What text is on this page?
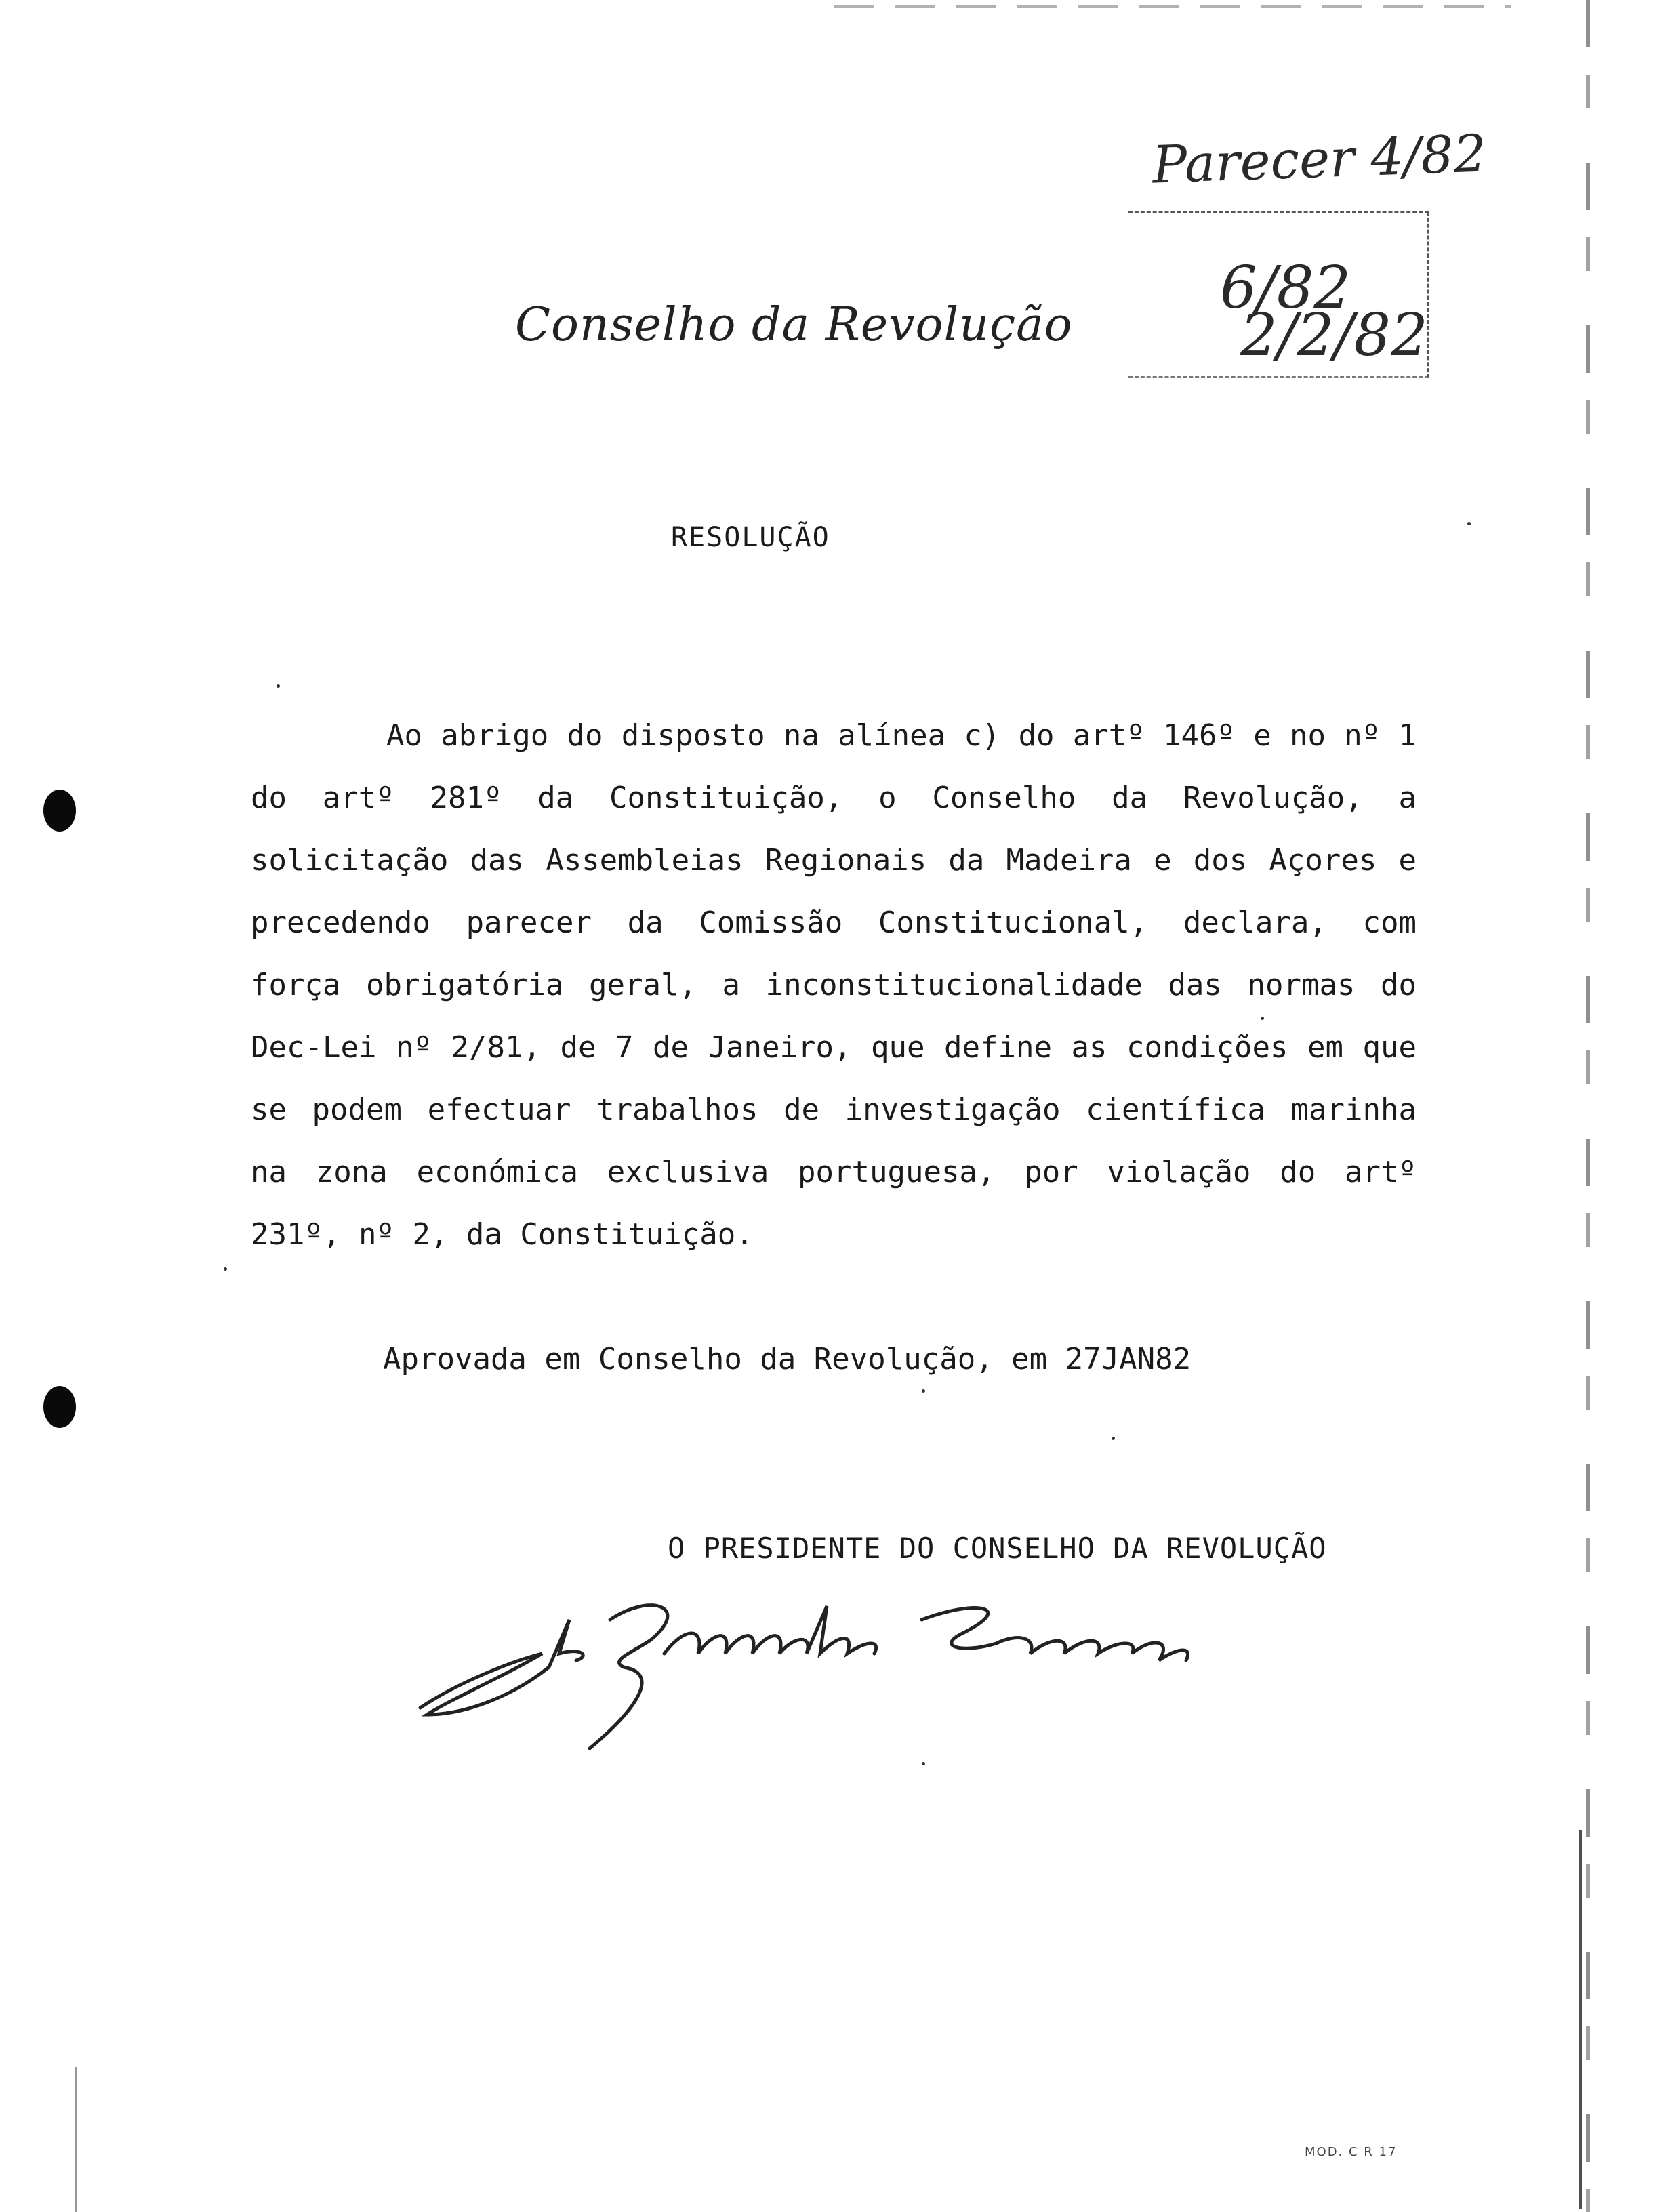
Parecer 4/82
6/82
2/2/82
Conselho da Revolução
RESOLUÇÃO

Ao abrigo do disposto na alínea c) do artº 146º e no nº 1 do artº 281º da Constituição, o Conselho da Revolução, a solicitação das Assembleias Regionais da Madeira e dos Açores e precedendo parecer da Comissão Constitucional, declara, com força obrigatória geral, a inconstitucionalidade das normas do Dec-Lei nº 2/81, de 7 de Janeiro, que define as condições em que se podem efectuar trabalhos de investigação científica marinha na zona económica exclusiva portuguesa, por violação do artº 231º, nº 2, da Constituição.

Aprovada em Conselho da Revolução, em 27JAN82
O PRESIDENTE DO CONSELHO DA REVOLUÇÃO
A. Ramalho Eanes
MOD. C R 17
